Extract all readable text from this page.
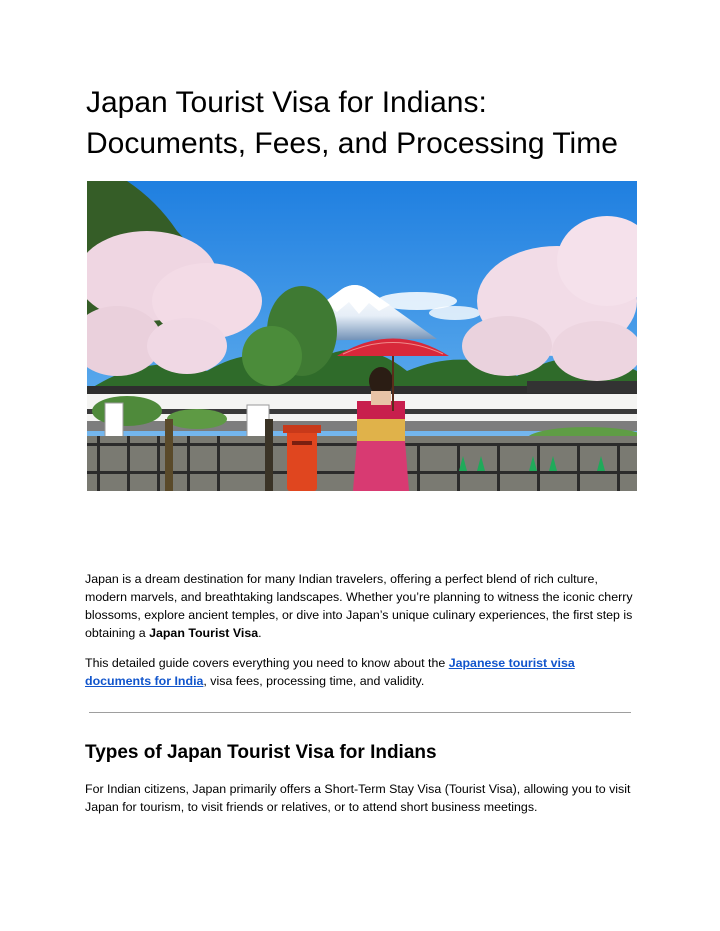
Japan Tourist Visa for Indians:
Documents, Fees, and Processing Time

Japan is a dream destination for many Indian travelers, offering a perfect blend of rich culture, modern marvels, and breathtaking landscapes. Whether you’re planning to witness the iconic cherry blossoms, explore ancient temples, or dive into Japan’s unique culinary experiences, the first step is obtaining a Japan Tourist Visa.

This detailed guide covers everything you need to know about the Japanese tourist visa documents for India, visa fees, processing time, and validity.

Types of Japan Tourist Visa for Indians

For Indian citizens, Japan primarily offers a Short-Term Stay Visa (Tourist Visa), allowing you to visit Japan for tourism, to visit friends or relatives, or to attend short business meetings.
